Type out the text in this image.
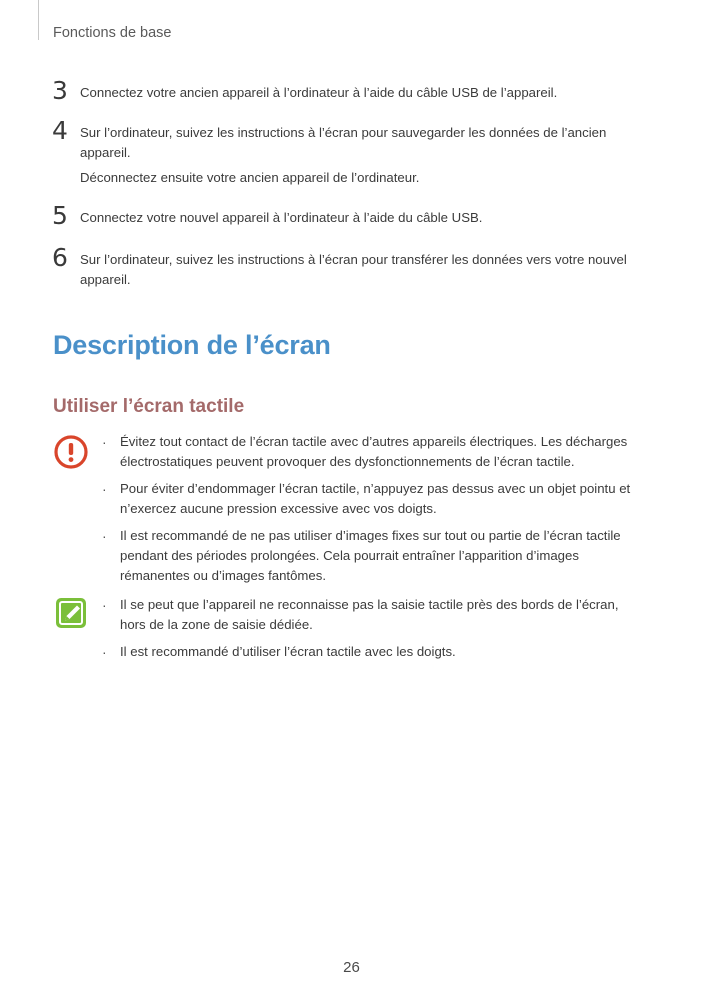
Fonctions de base
3 Connectez votre ancien appareil à l’ordinateur à l’aide du câble USB de l’appareil.
4 Sur l’ordinateur, suivez les instructions à l’écran pour sauvegarder les données de l’ancien appareil.
Déconnectez ensuite votre ancien appareil de l’ordinateur.
5 Connectez votre nouvel appareil à l’ordinateur à l’aide du câble USB.
6 Sur l’ordinateur, suivez les instructions à l’écran pour transférer les données vers votre nouvel appareil.
Description de l’écran
Utiliser l’écran tactile
· Évitez tout contact de l’écran tactile avec d’autres appareils électriques. Les décharges électrostatiques peuvent provoquer des dysfonctionnements de l’écran tactile.
· Pour éviter d’endommager l’écran tactile, n’appuyez pas dessus avec un objet pointu et n’exercez aucune pression excessive avec vos doigts.
· Il est recommandé de ne pas utiliser d’images fixes sur tout ou partie de l’écran tactile pendant des périodes prolongées. Cela pourrait entraîner l’apparition d’images rémanentes ou d’images fantômes.
· Il se peut que l’appareil ne reconnaisse pas la saisie tactile près des bords de l’écran, hors de la zone de saisie dédiée.
· Il est recommandé d’utiliser l’écran tactile avec les doigts.
26
